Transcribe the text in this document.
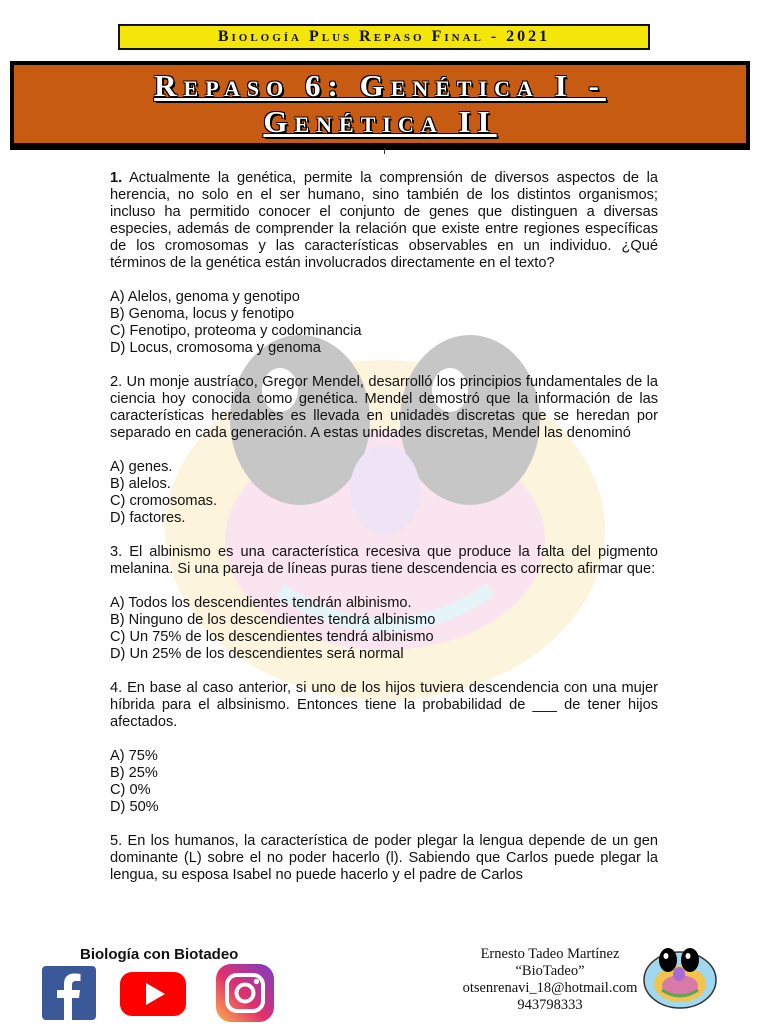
Biología Plus Repaso Final - 2021
Repaso 6: Genética I -
Genética II

1. Actualmente la genética, permite la comprensión de diversos aspectos de la herencia, no solo en el ser humano, sino también de los distintos organismos; incluso ha permitido conocer el conjunto de genes que distinguen a diversas especies, además de comprender la relación que existe entre regiones específicas de los cromosomas y las características observables en un individuo. ¿Qué términos de la genética están involucrados directamente en el texto?

A) Alelos, genoma y genotipo
B) Genoma, locus y fenotipo
C) Fenotipo, proteoma y codominancia
D) Locus, cromosoma y genoma

2. Un monje austríaco, Gregor Mendel, desarrolló los principios fundamentales de la ciencia hoy conocida como genética. Mendel demostró que la información de las características heredables es llevada en unidades discretas que se heredan por separado en cada generación. A estas unidades discretas, Mendel las denominó

A) genes.
B) alelos.
C) cromosomas.
D) factores.

3. El albinismo es una característica recesiva que produce la falta del pigmento melanina. Si una pareja de líneas puras tiene descendencia es correcto afirmar que:

A) Todos los descendientes tendrán albinismo.
B) Ninguno de los descendientes tendrá albinismo
C) Un 75% de los descendientes tendrá albinismo
D) Un 25% de los descendientes será normal

4. En base al caso anterior, si uno de los hijos tuviera descendencia con una mujer híbrida para el albsinismo. Entonces tiene la probabilidad de ___ de tener hijos afectados.

A) 75%
B) 25%
C) 0%
D) 50%

5. En los humanos, la característica de poder plegar la lengua depende de un gen dominante (L) sobre el no poder hacerlo (l). Sabiendo que Carlos puede plegar la lengua, su esposa Isabel no puede hacerlo y el padre de Carlos

Biología con Biotadeo	Ernesto Tadeo Martínez
“BioTadeo”
otsenrenavi_18@hotmail.com
943798333
